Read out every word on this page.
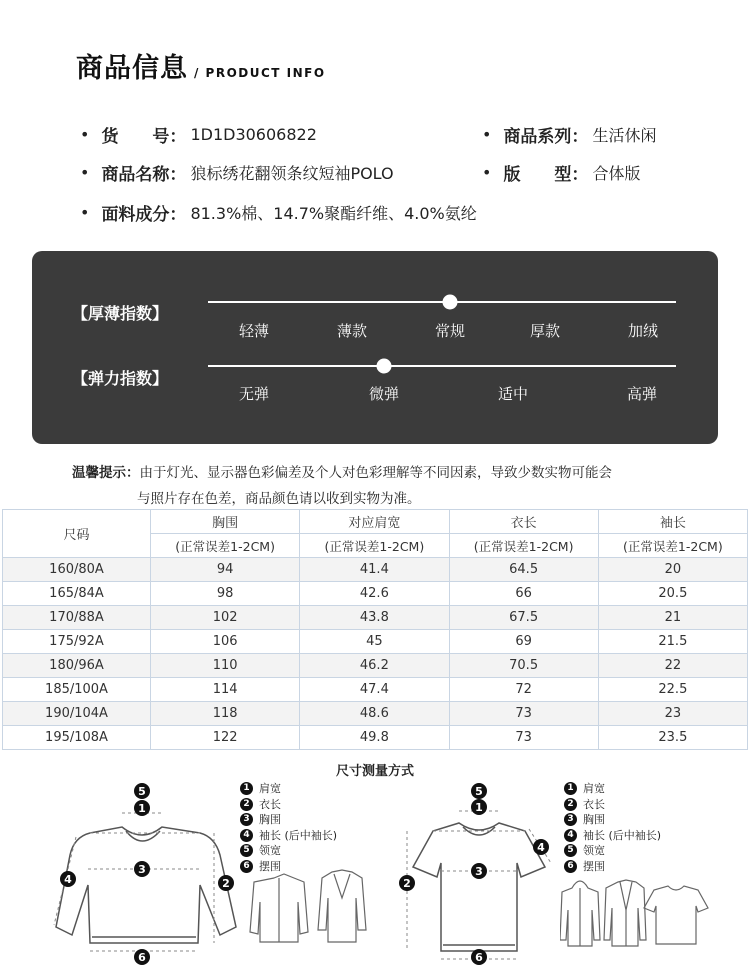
商品信息 / PRODUCT INFO
• 货　　号： 1D1D30606822	• 商品系列： 生活休闲
• 商品名称： 狼标绣花翻领条纹短袖POLO	• 版　　型： 合体版
• 面料成分： 81.3%棉、14.7%聚酯纤维、4.0%氨纶
【厚薄指数】
轻薄	薄款	常规	厚款	加绒
【弹力指数】
无弹	微弹	适中	高弹
温馨提示：由于灯光、显示器色彩偏差及个人对色彩理解等不同因素，导致少数实物可能会
与照片存在色差，商品颜色请以收到实物为准。
尺码	胸围	对应肩宽	衣长	袖长
	(正常误差1-2CM)	(正常误差1-2CM)	(正常误差1-2CM)	(正常误差1-2CM)
160/80A	94	41.4	64.5	20
165/84A	98	42.6	66	20.5
170/88A	102	43.8	67.5	21
175/92A	106	45	69	21.5
180/96A	110	46.2	70.5	22
185/100A	114	47.4	72	22.5
190/104A	118	48.6	73	23
195/108A	122	49.8	73	23.5
尺寸测量方式
1
5
3
2
4
6
1 肩宽
2 衣长
3 胸围
4 袖长 (后中袖长)
5 领宽
6 摆围
5
1
3
2
4
6
1 肩宽
2 衣长
3 胸围
4 袖长 (后中袖长)
5 领宽
6 摆围
